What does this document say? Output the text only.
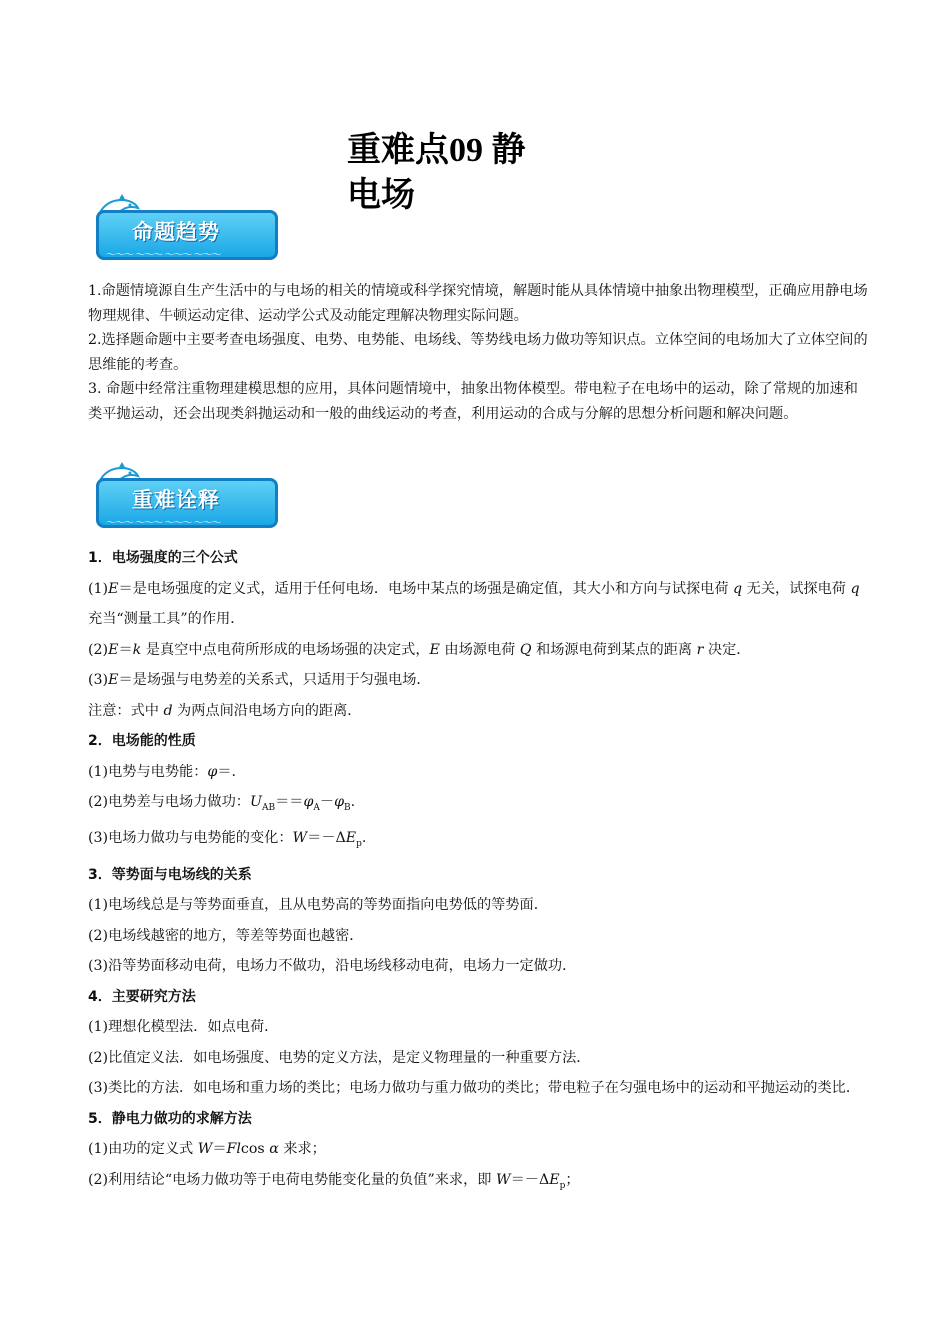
重难点09 静
电场
命题趋势
〜〜〜 〜〜〜 〜〜〜 〜〜〜

1.命题情境源自生产生活中的与电场的相关的情境或科学探究情境，解题时能从具体情境中抽象出物理模型，正确应用静电场物理规律、牛顿运动定律、运动学公式及动能定理解决物理实际问题。

2.选择题命题中主要考查电场强度、电势、电势能、电场线、等势线电场力做功等知识点。立体空间的电场加大了立体空间的思维能的考查。

3. 命题中经常注重物理建模思想的应用，具体问题情境中，抽象出物体模型。带电粒子在电场中的运动，除了常规的加速和类平抛运动，还会出现类斜抛运动和一般的曲线运动的考查，利用运动的合成与分解的思想分析问题和解决问题。

重难诠释
〜〜〜 〜〜〜 〜〜〜 〜〜〜

1．电场强度的三个公式

(1)E＝是电场强度的定义式，适用于任何电场．电场中某点的场强是确定值，其大小和方向与试探电荷 q 无关，试探电荷 q 充当“测量工具”的作用．

(2)E＝k 是真空中点电荷所形成的电场场强的决定式，E 由场源电荷 Q 和场源电荷到某点的距离 r 决定．

(3)E＝是场强与电势差的关系式，只适用于匀强电场．

注意：式中 d 为两点间沿电场方向的距离．

2．电场能的性质

(1)电势与电势能：φ＝.

(2)电势差与电场力做功：$U_{AB}==\varphi_A-\varphi_B$.

(3)电场力做功与电势能的变化：$W=-\Delta E_p$.

3．等势面与电场线的关系

(1)电场线总是与等势面垂直，且从电势高的等势面指向电势低的等势面．

(2)电场线越密的地方，等差等势面也越密．

(3)沿等势面移动电荷，电场力不做功，沿电场线移动电荷，电场力一定做功．

4．主要研究方法

(1)理想化模型法．如点电荷．

(2)比值定义法．如电场强度、电势的定义方法，是定义物理量的一种重要方法．

(3)类比的方法．如电场和重力场的类比；电场力做功与重力做功的类比；带电粒子在匀强电场中的运动和平抛运动的类比．

5．静电力做功的求解方法

(1)由功的定义式 W＝Flcos α 来求；

(2)利用结论“电场力做功等于电荷电势能变化量的负值”来求，即 $W=-\Delta E_p$；
